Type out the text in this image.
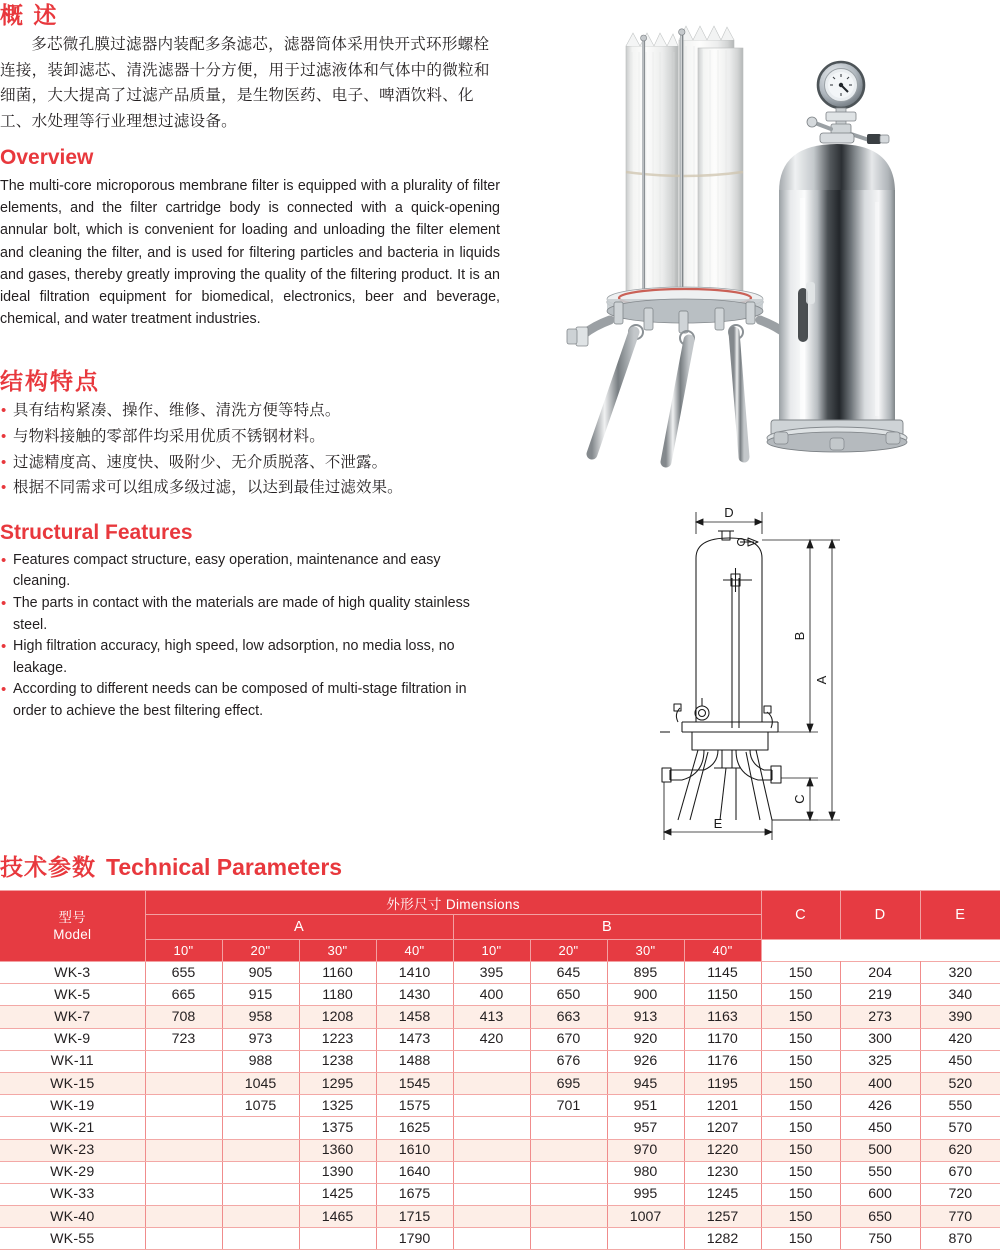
概 述

多芯微孔膜过滤器内装配多条滤芯，滤器筒体采用快开式环形螺栓连接，装卸滤芯、清洗滤器十分方便，用于过滤液体和气体中的微粒和细菌，大大提高了过滤产品质量，是生物医药、电子、啤酒饮料、化工、水处理等行业理想过滤设备。

Overview

The multi-core microporous membrane filter is equipped with a plurality of filter elements, and the filter cartridge body is connected with a quick-opening annular bolt, which is convenient for loading and unloading the filter element and cleaning the filter, and is used for filtering particles and bacteria in liquids and gases, thereby greatly improving the quality of the filtering product. It is an ideal filtration equipment for biomedical, electronics, beer and beverage, chemical, and water treatment industries.

结构特点
• 具有结构紧凑、操作、维修、清洗方便等特点。
• 与物料接触的零部件均采用优质不锈钢材料。
• 过滤精度高、速度快、吸附少、无介质脱落、不泄露。
• 根据不同需求可以组成多级过滤，以达到最佳过滤效果。
Structural Features
• Features compact structure, easy operation, maintenance and easy cleaning.
• The parts in contact with the materials are made of high quality stainless steel.
• High filtration accuracy, high speed, low adsorption, no media loss, no leakage.
• According to different needs can be composed of multi-stage filtration in order to achieve the best filtering effect.
D
B
A
C
E
技术参数 Technical Parameters
型号
Model	外形尺寸 Dimensions								C	D	E
	A				B						
	10"	20"	30"	40"	10"	20"	30"	40"			
WK-3	655	905	1160	1410	395	645	895	1145	150	204	320
WK-5	665	915	1180	1430	400	650	900	1150	150	219	340
WK-7	708	958	1208	1458	413	663	913	1163	150	273	390
WK-9	723	973	1223	1473	420	670	920	1170	150	300	420
WK-11		988	1238	1488		676	926	1176	150	325	450
WK-15		1045	1295	1545		695	945	1195	150	400	520
WK-19		1075	1325	1575		701	951	1201	150	426	550
WK-21			1375	1625			957	1207	150	450	570
WK-23			1360	1610			970	1220	150	500	620
WK-29			1390	1640			980	1230	150	550	670
WK-33			1425	1675			995	1245	150	600	720
WK-40			1465	1715			1007	1257	150	650	770
WK-55				1790				1282	150	750	870
